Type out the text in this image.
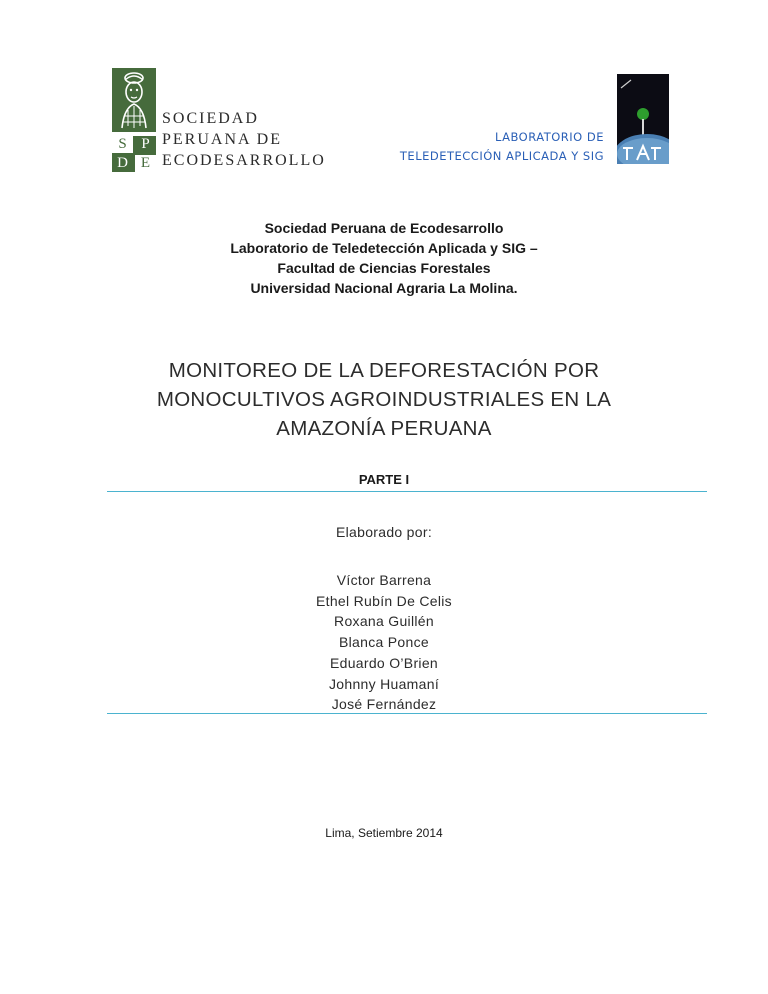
S P
D E
SOCIEDAD
PERUANA DE
ECODESARROLLO
LABORATORIO DE
TELEDETECCIÓN APLICADA Y SIG
Sociedad Peruana de Ecodesarrollo
Laboratorio de Teledetección Aplicada y SIG –
Facultad de Ciencias Forestales
Universidad Nacional Agraria La Molina.
MONITOREO DE LA DEFORESTACIÓN POR
MONOCULTIVOS AGROINDUSTRIALES EN LA
AMAZONÍA PERUANA
PARTE I
Elaborado por:
Víctor Barrena
Ethel Rubín De Celis
Roxana Guillén
Blanca Ponce
Eduardo O’Brien
Johnny Huamaní
José Fernández
Lima, Setiembre 2014
